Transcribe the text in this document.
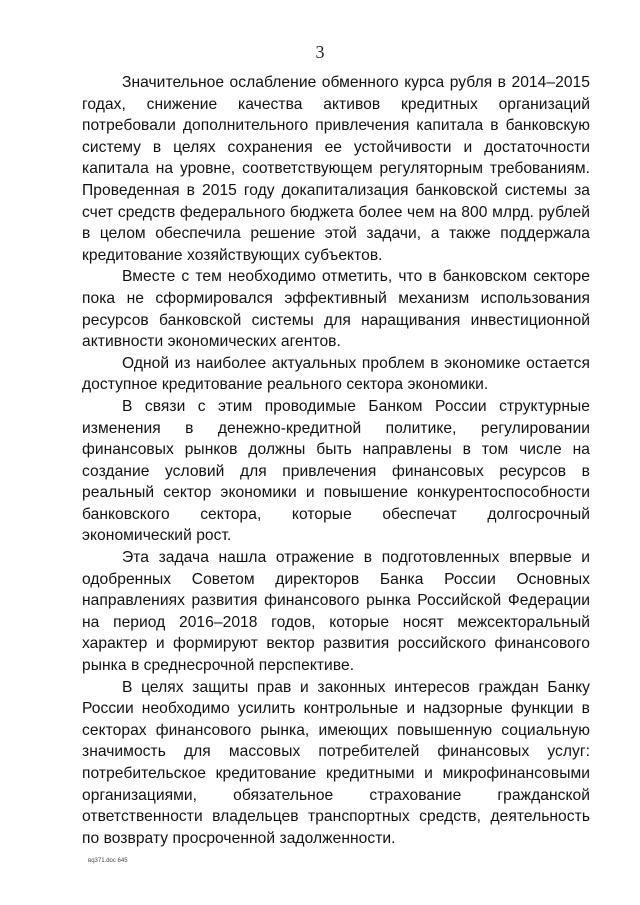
3

Значительное ослабление обменного курса рубля в 2014–2015 годах, снижение качества активов кредитных организаций потребовали дополнительного привлечения капитала в банковскую систему в целях сохранения ее устойчивости и достаточности капитала на уровне, соответствующем регуляторным требованиям. Проведенная в 2015 году докапитализация банковской системы за счет средств федерального бюджета более чем на 800 млрд. рублей в целом обеспечила решение этой задачи, а также поддержала кредитование хозяйствующих субъектов.

Вместе с тем необходимо отметить, что в банковском секторе пока не сформировался эффективный механизм использования ресурсов банковской системы для наращивания инвестиционной активности экономических агентов.

Одной из наиболее актуальных проблем в экономике остается доступное кредитование реального сектора экономики.

В связи с этим проводимые Банком России структурные изменения в денежно-кредитной политике, регулировании финансовых рынков должны быть направлены в том числе на создание условий для привлечения финансовых ресурсов в реальный сектор экономики и повышение конкурентоспособности банковского сектора, которые обеспечат долгосрочный экономический рост.

Эта задача нашла отражение в подготовленных впервые и одобренных Советом директоров Банка России Основных направлениях развития финансового рынка Российской Федерации на период 2016–2018 годов, которые носят межсекторальный характер и формируют вектор развития российского финансового рынка в среднесрочной перспективе.

В целях защиты прав и законных интересов граждан Банку России необходимо усилить контрольные и надзорные функции в секторах финансового рынка, имеющих повышенную социальную значимость для массовых потребителей финансовых услуг: потребительское кредитование кредитными и микрофинансовыми организациями, обязательное страхование гражданской ответственности владельцев транспортных средств, деятельность по возврату просроченной задолженности.

вq371.doc 645
